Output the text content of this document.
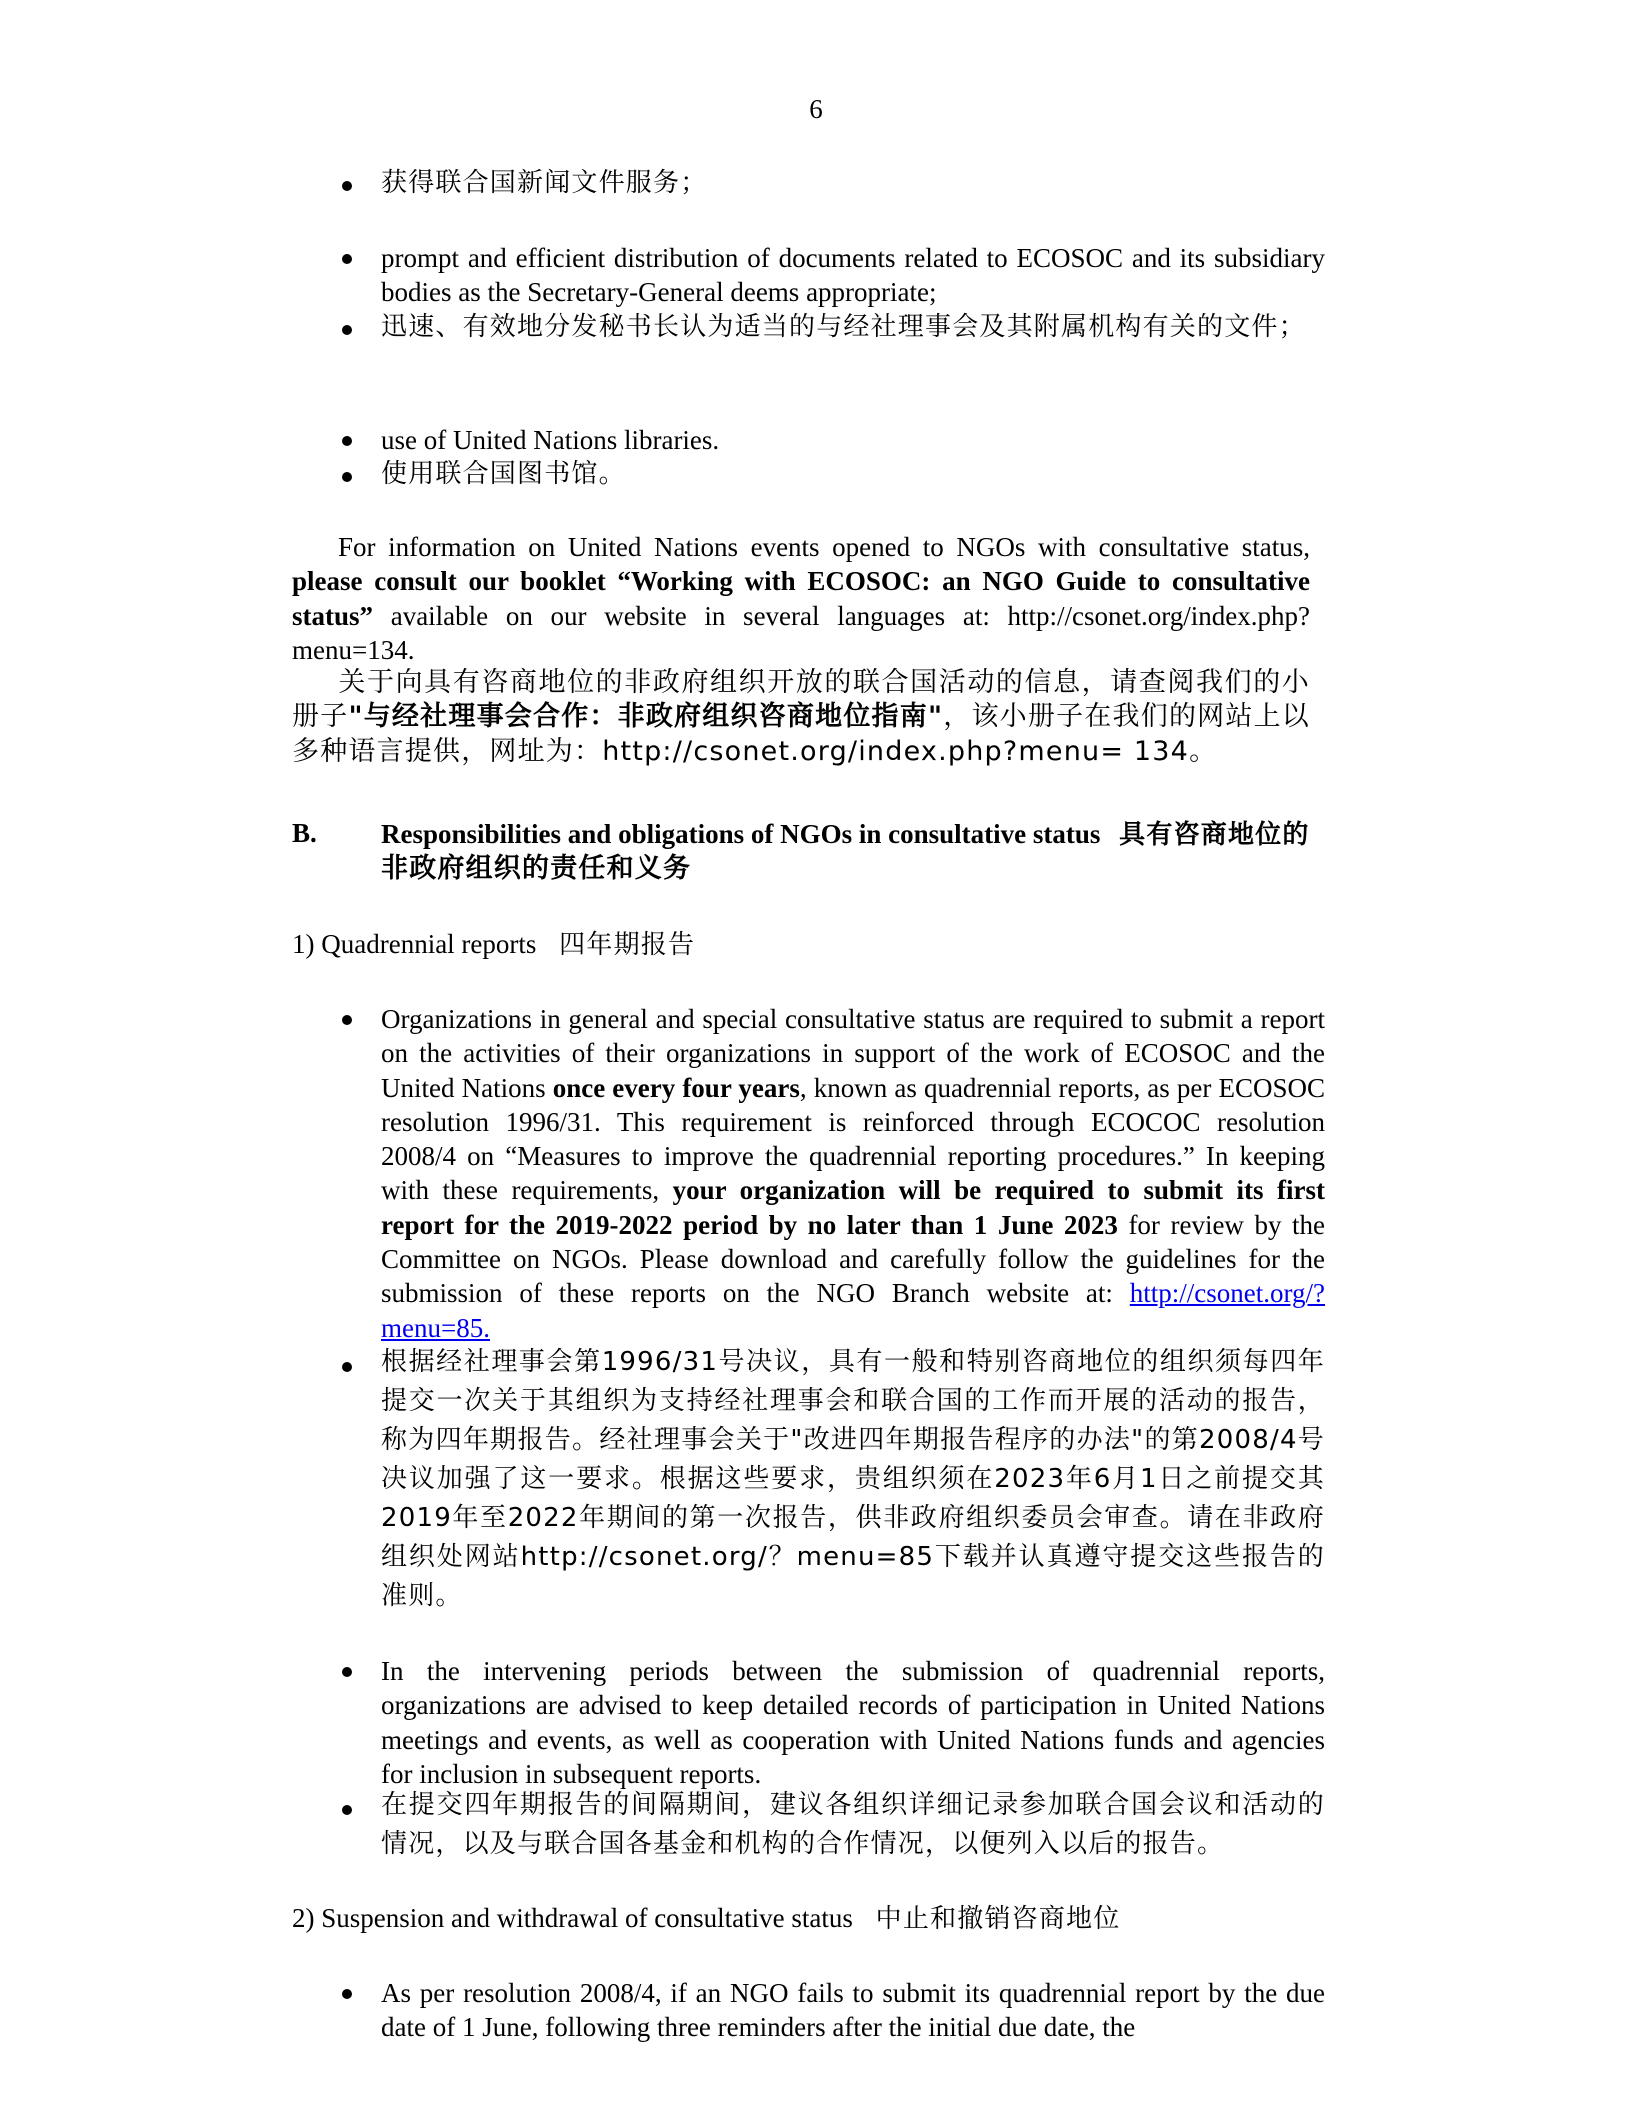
6
获得联合国新闻文件服务；
prompt and efficient distribution of documents related to ECOSOC and its subsidiary bodies as the Secretary-General deems appropriate;
迅速、有效地分发秘书长认为适当的与经社理事会及其附属机构有关的文件；
use of United Nations libraries.
使用联合国图书馆。
For information on United Nations events opened to NGOs with consultative status, please consult our booklet “Working with ECOSOC: an NGO Guide to consultative status” available on our website in several languages at: http://csonet.org/index.php?menu=134.
关于向具有咨商地位的非政府组织开放的联合国活动的信息，请查阅我们的小册子"与经社理事会合作：非政府组织咨商地位指南"，该小册子在我们的网站上以多种语言提供，网址为：http://csonet.org/index.php?menu= 134。
B. Responsibilities and obligations of NGOs in consultative status 具有咨商地位的
非政府组织的责任和义务
1) Quadrennial reports 四年期报告
Organizations in general and special consultative status are required to submit a report on the activities of their organizations in support of the work of ECOSOC and the United Nations once every four years, known as quadrennial reports, as per ECOSOC resolution 1996/31. This requirement is reinforced through ECOCOC resolution 2008/4 on “Measures to improve the quadrennial reporting procedures.” In keeping with these requirements, your organization will be required to submit its first report for the 2019-2022 period by no later than 1 June 2023 for review by the Committee on NGOs. Please download and carefully follow the guidelines for the submission of these reports on the NGO Branch website at: http://csonet.org/?menu=85.
根据经社理事会第1996/31号决议，具有一般和特别咨商地位的组织须每四年提交一次关于其组织为支持经社理事会和联合国的工作而开展的活动的报告，称为四年期报告。经社理事会关于"改进四年期报告程序的办法"的第2008/4号决议加强了这一要求。根据这些要求，贵组织须在2023年6月1日之前提交其2019年至2022年期间的第一次报告，供非政府组织委员会审查。请在非政府组织处网站http://csonet.org/？menu=85下载并认真遵守提交这些报告的准则。
In the intervening periods between the submission of quadrennial reports, organizations are advised to keep detailed records of participation in United Nations meetings and events, as well as cooperation with United Nations funds and agencies for inclusion in subsequent reports.
在提交四年期报告的间隔期间，建议各组织详细记录参加联合国会议和活动的情况，以及与联合国各基金和机构的合作情况，以便列入以后的报告。
2) Suspension and withdrawal of consultative status 中止和撤销咨商地位
As per resolution 2008/4, if an NGO fails to submit its quadrennial report by the due date of 1 June, following three reminders after the initial due date, the
